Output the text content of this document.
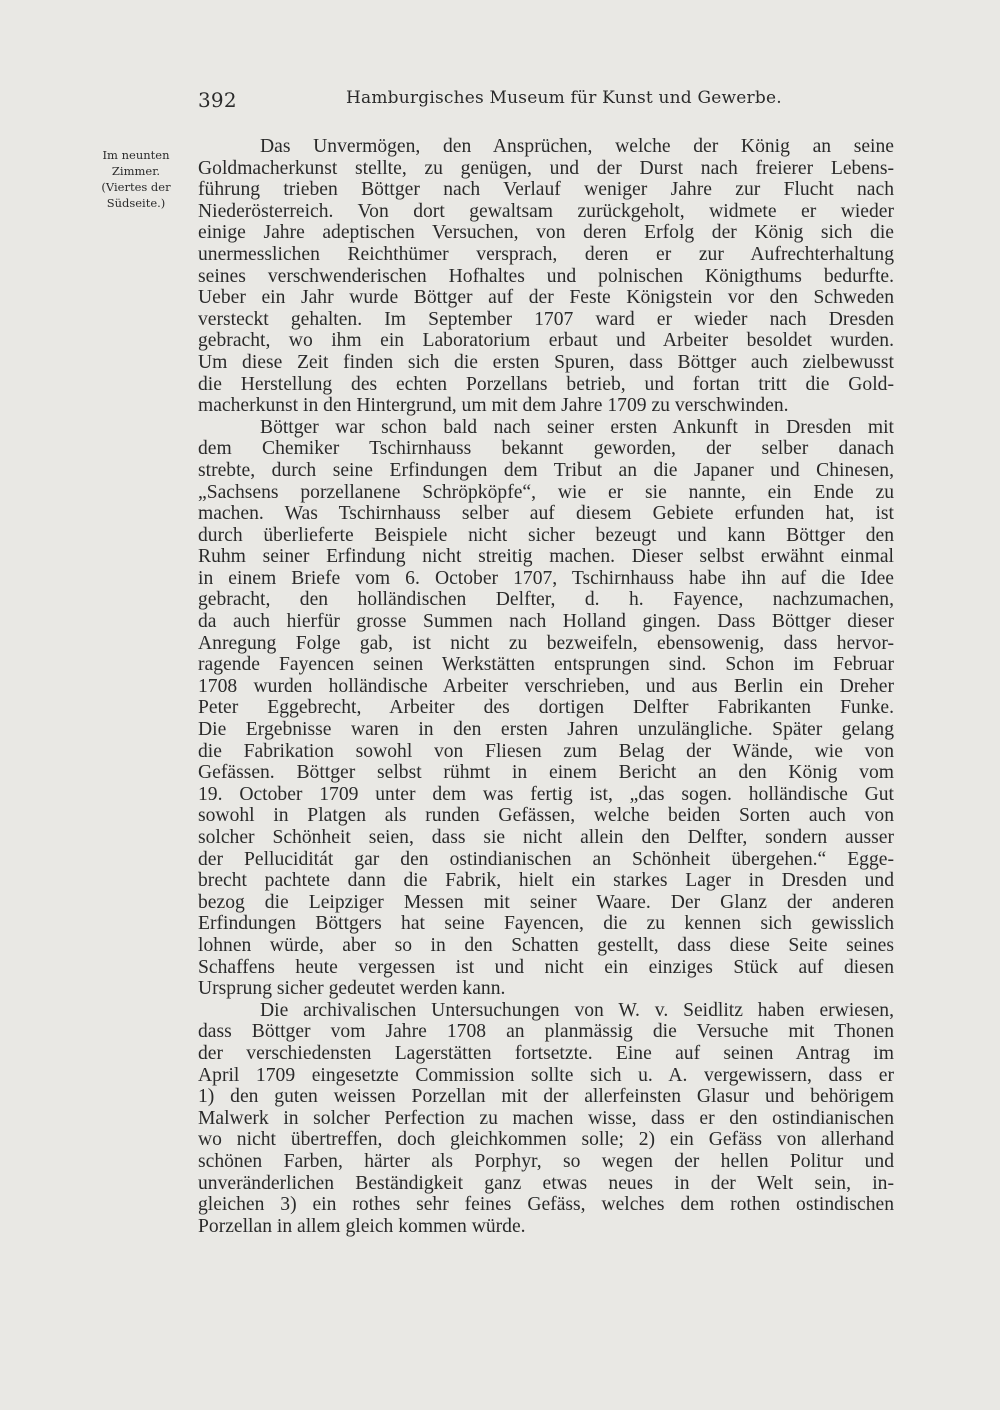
392	Hamburgisches Museum für Kunst und Gewerbe.
Im neunten
Zimmer.
(Viertes der
Südseite.)
Das Unvermögen, den Ansprüchen, welche der König an seine
Goldmacherkunst stellte, zu genügen, und der Durst nach freierer Lebens-
führung trieben Böttger nach Verlauf weniger Jahre zur Flucht nach
Niederösterreich. Von dort gewaltsam zurückgeholt, widmete er wieder
einige Jahre adeptischen Versuchen, von deren Erfolg der König sich die
unermesslichen Reichthümer versprach, deren er zur Aufrechterhaltung
seines verschwenderischen Hofhaltes und polnischen Königthums bedurfte.
Ueber ein Jahr wurde Böttger auf der Feste Königstein vor den Schweden
versteckt gehalten. Im September 1707 ward er wieder nach Dresden
gebracht, wo ihm ein Laboratorium erbaut und Arbeiter besoldet wurden.
Um diese Zeit finden sich die ersten Spuren, dass Böttger auch zielbewusst
die Herstellung des echten Porzellans betrieb, und fortan tritt die Gold-
macherkunst in den Hintergrund, um mit dem Jahre 1709 zu verschwinden.
Böttger war schon bald nach seiner ersten Ankunft in Dresden mit
dem Chemiker Tschirnhauss bekannt geworden, der selber danach
strebte, durch seine Erfindungen dem Tribut an die Japaner und Chinesen,
„Sachsens porzellanene Schröpköpfe“, wie er sie nannte, ein Ende zu
machen. Was Tschirnhauss selber auf diesem Gebiete erfunden hat, ist
durch überlieferte Beispiele nicht sicher bezeugt und kann Böttger den
Ruhm seiner Erfindung nicht streitig machen. Dieser selbst erwähnt einmal
in einem Briefe vom 6. October 1707, Tschirnhauss habe ihn auf die Idee
gebracht, den holländischen Delfter, d. h. Fayence, nachzumachen,
da auch hierfür grosse Summen nach Holland gingen. Dass Böttger dieser
Anregung Folge gab, ist nicht zu bezweifeln, ebensowenig, dass hervor-
ragende Fayencen seinen Werkstätten entsprungen sind. Schon im Februar
1708 wurden holländische Arbeiter verschrieben, und aus Berlin ein Dreher
Peter Eggebrecht, Arbeiter des dortigen Delfter Fabrikanten Funke.
Die Ergebnisse waren in den ersten Jahren unzulängliche. Später gelang
die Fabrikation sowohl von Fliesen zum Belag der Wände, wie von
Gefässen. Böttger selbst rühmt in einem Bericht an den König vom
19. October 1709 unter dem was fertig ist, „das sogen. holländische Gut
sowohl in Platgen als runden Gefässen, welche beiden Sorten auch von
solcher Schönheit seien, dass sie nicht allein den Delfter, sondern ausser
der Pelluciditát gar den ostindianischen an Schönheit übergehen.“ Egge-
brecht pachtete dann die Fabrik, hielt ein starkes Lager in Dresden und
bezog die Leipziger Messen mit seiner Waare. Der Glanz der anderen
Erfindungen Böttgers hat seine Fayencen, die zu kennen sich gewisslich
lohnen würde, aber so in den Schatten gestellt, dass diese Seite seines
Schaffens heute vergessen ist und nicht ein einziges Stück auf diesen
Ursprung sicher gedeutet werden kann.
Die archivalischen Untersuchungen von W. v. Seidlitz haben erwiesen,
dass Böttger vom Jahre 1708 an planmässig die Versuche mit Thonen
der verschiedensten Lagerstätten fortsetzte. Eine auf seinen Antrag im
April 1709 eingesetzte Commission sollte sich u. A. vergewissern, dass er
1) den guten weissen Porzellan mit der allerfeinsten Glasur und behörigem
Malwerk in solcher Perfection zu machen wisse, dass er den ostindianischen
wo nicht übertreffen, doch gleichkommen solle; 2) ein Gefäss von allerhand
schönen Farben, härter als Porphyr, so wegen der hellen Politur und
unveränderlichen Beständigkeit ganz etwas neues in der Welt sein, in-
gleichen 3) ein rothes sehr feines Gefäss, welches dem rothen ostindischen
Porzellan in allem gleich kommen würde.
